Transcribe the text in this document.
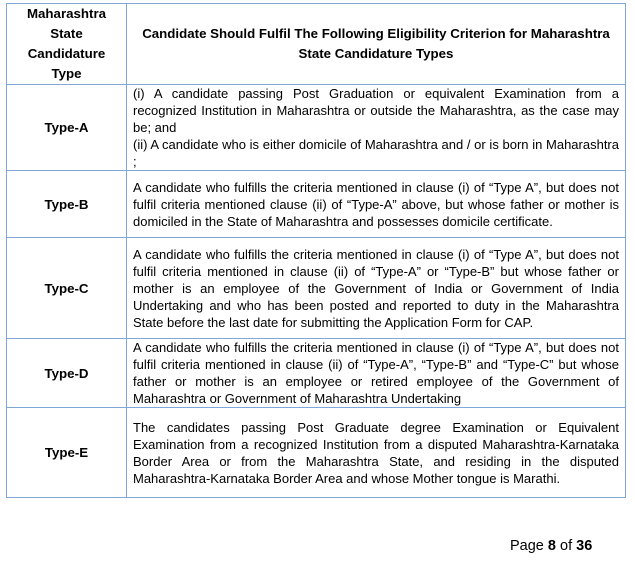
Maharashtra State Candidature Type	Candidate Should Fulfil The Following Eligibility Criterion for Maharashtra State Candidature Types
Type-A	(i) A candidate passing Post Graduation or equivalent Examination from a recognized Institution in Maharashtra or outside the Maharashtra, as the case may be; and

(ii) A candidate who is either domicile of Maharashtra and / or is born in Maharashtra ;

Type-B	A candidate who fulfills the criteria mentioned in clause (i) of “Type A”, but does not fulfil criteria mentioned clause (ii) of “Type-A” above, but whose father or mother is domiciled in the State of Maharashtra and possesses domicile certificate.

Type-C	A candidate who fulfills the criteria mentioned in clause (i) of “Type A”, but does not fulfil criteria mentioned in clause (ii) of “Type-A” or “Type-B” but whose father or mother is an employee of the Government of India or Government of India Undertaking and who has been posted and reported to duty in the Maharashtra State before the last date for submitting the Application Form for CAP.

Type-D	A candidate who fulfills the criteria mentioned in clause (i) of “Type A”, but does not fulfil criteria mentioned in clause (ii) of “Type-A”, “Type-B” and “Type-C” but whose father or mother is an employee or retired employee of the Government of Maharashtra or Government of Maharashtra Undertaking

Type-E	The candidates passing Post Graduate degree Examination or Equivalent Examination from a recognized Institution from a disputed Maharashtra-Karnataka Border Area or from the Maharashtra State, and residing in the disputed Maharashtra-Karnataka Border Area and whose Mother tongue is Marathi.

Page 8 of 36
